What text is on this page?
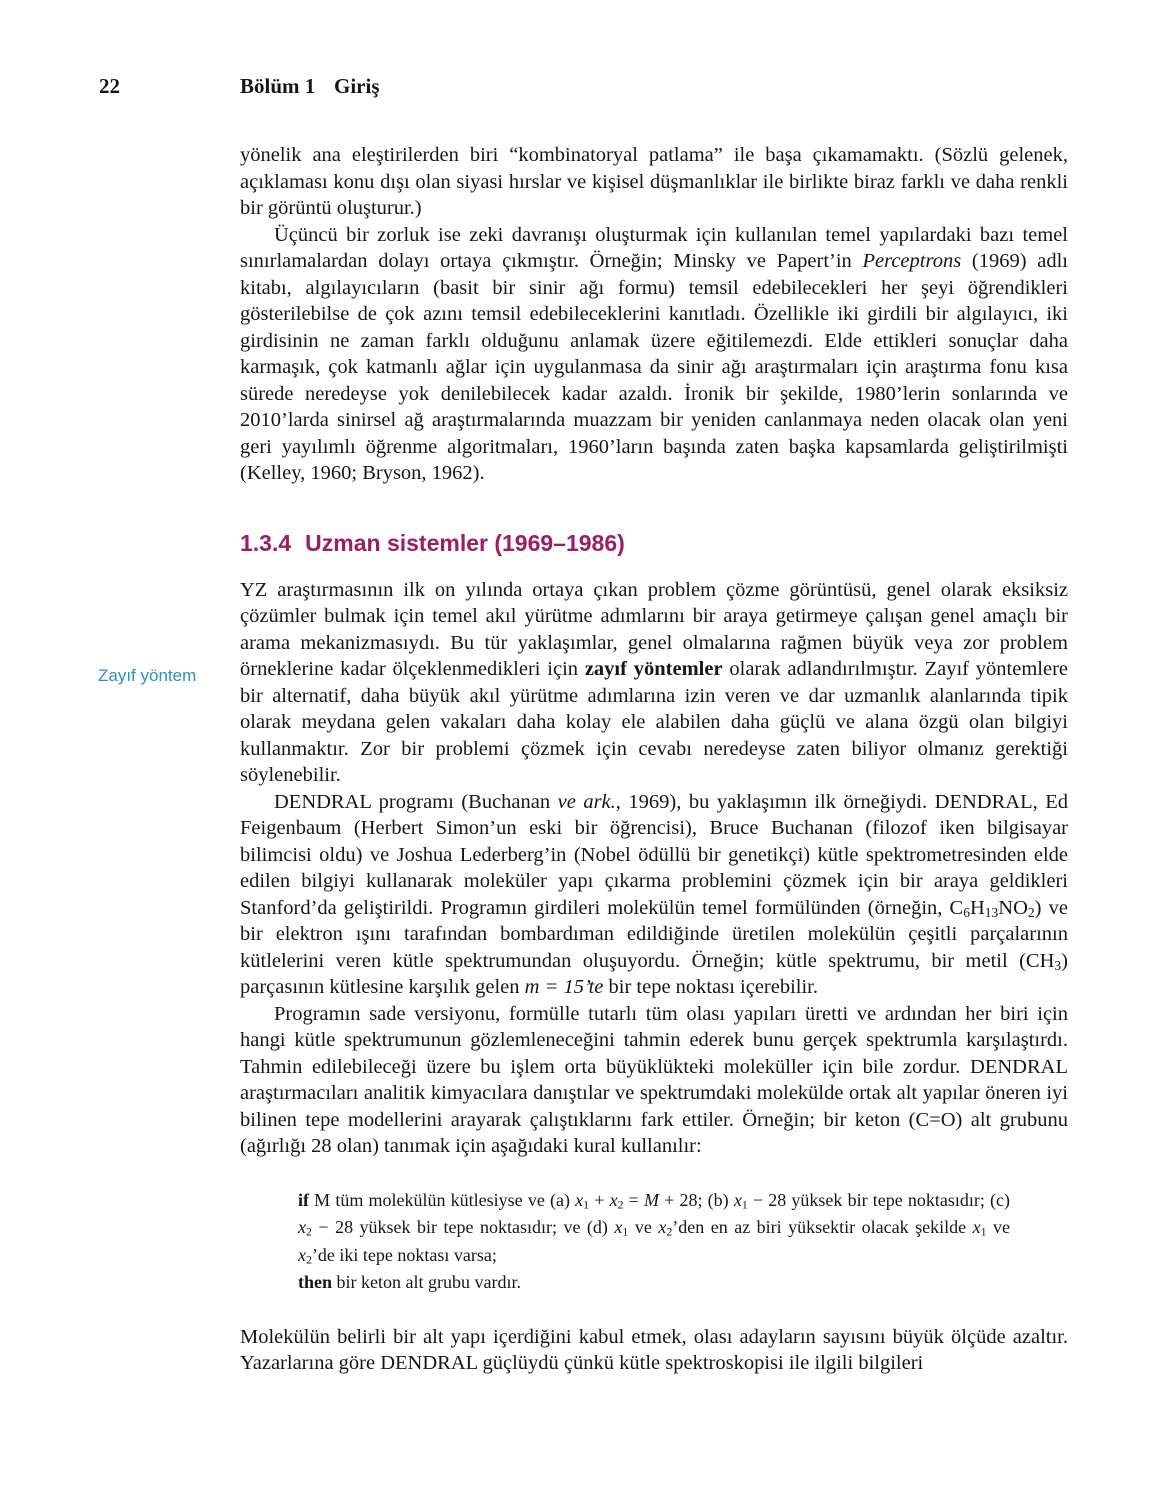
22	Bölüm 1 Giriş
Zayıf yöntem

yönelik ana eleştirilerden biri “kombinatoryal patlama” ile başa çıkamamaktı. (Sözlü gelenek, açıklaması konu dışı olan siyasi hırslar ve kişisel düşmanlıklar ile birlikte biraz farklı ve daha renkli bir görüntü oluşturur.)

Üçüncü bir zorluk ise zeki davranışı oluşturmak için kullanılan temel yapılardaki bazı temel sınırlamalardan dolayı ortaya çıkmıştır. Örneğin; Minsky ve Papert’in Perceptrons (1969) adlı kitabı, algılayıcıların (basit bir sinir ağı formu) temsil edebilecekleri her şeyi öğrendikleri gösterilebilse de çok azını temsil edebileceklerini kanıtladı. Özellikle iki girdili bir algılayıcı, iki girdisinin ne zaman farklı olduğunu anlamak üzere eğitilemezdi. Elde ettikleri sonuçlar daha karmaşık, çok katmanlı ağlar için uygulanmasa da sinir ağı araştırmaları için araştırma fonu kısa sürede neredeyse yok denilebilecek kadar azaldı. İronik bir şekilde, 1980’lerin sonlarında ve 2010’larda sinirsel ağ araştırmalarında muazzam bir yeniden canlanmaya neden olacak olan yeni geri yayılımlı öğrenme algoritmaları, 1960’ların başında zaten başka kapsamlarda geliştirilmişti (Kelley, 1960; Bryson, 1962).

1.3.4 Uzman sistemler (1969–1986)

YZ araştırmasının ilk on yılında ortaya çıkan problem çözme görüntüsü, genel olarak eksiksiz çözümler bulmak için temel akıl yürütme adımlarını bir araya getirmeye çalışan genel amaçlı bir arama mekanizmasıydı. Bu tür yaklaşımlar, genel olmalarına rağmen büyük veya zor problem örneklerine kadar ölçeklenmedikleri için zayıf yöntemler olarak adlandırılmıştır. Zayıf yöntemlere bir alternatif, daha büyük akıl yürütme adımlarına izin veren ve dar uzmanlık alanlarında tipik olarak meydana gelen vakaları daha kolay ele alabilen daha güçlü ve alana özgü olan bilgiyi kullanmaktır. Zor bir problemi çözmek için cevabı neredeyse zaten biliyor olmanız gerektiği söylenebilir.

DENDRAL programı (Buchanan ve ark., 1969), bu yaklaşımın ilk örneğiydi. DENDRAL, Ed Feigenbaum (Herbert Simon’un eski bir öğrencisi), Bruce Buchanan (filozof iken bilgisayar bilimcisi oldu) ve Joshua Lederberg’in (Nobel ödüllü bir genetikçi) kütle spektrometresinden elde edilen bilgiyi kullanarak moleküler yapı çıkarma problemini çözmek için bir araya geldikleri Stanford’da geliştirildi. Programın girdileri molekülün temel formülünden (örneğin, $C_6H_{13}NO_2$) ve bir elektron ışını tarafından bombardıman edildiğinde üretilen molekülün çeşitli parçalarının kütlelerini veren kütle spektrumundan oluşuyordu. Örneğin; kütle spektrumu, bir metil $(CH_3)$ parçasının kütlesine karşılık gelen m = 15’te bir tepe noktası içerebilir.

Programın sade versiyonu, formülle tutarlı tüm olası yapıları üretti ve ardından her biri için hangi kütle spektrumunun gözlemleneceğini tahmin ederek bunu gerçek spektrumla karşılaştırdı. Tahmin edilebileceği üzere bu işlem orta büyüklükteki moleküller için bile zordur. DENDRAL araştırmacıları analitik kimyacılara danıştılar ve spektrumdaki molekülde ortak alt yapılar öneren iyi bilinen tepe modellerini arayarak çalıştıklarını fark ettiler. Örneğin; bir keton (C=O) alt grubunu (ağırlığı 28 olan) tanımak için aşağıdaki kural kullanılır:

if M tüm molekülün kütlesiyse ve (a) $x_1 + x_2 = M + 28$; (b) $x_1 - 28$ yüksek bir tepe noktasıdır; (c) $x_2 - 28$ yüksek bir tepe noktasıdır; ve (d) $x_1$ ve $x_2’den$ en az biri yüksektir olacak şekilde $x_1$ ve $x_2’de$ iki tepe noktası varsa;

then bir keton alt grubu vardır.

Molekülün belirli bir alt yapı içerdiğini kabul etmek, olası adayların sayısını büyük ölçüde azaltır. Yazarlarına göre DENDRAL güçlüydü çünkü kütle spektroskopisi ile ilgili bilgileri
